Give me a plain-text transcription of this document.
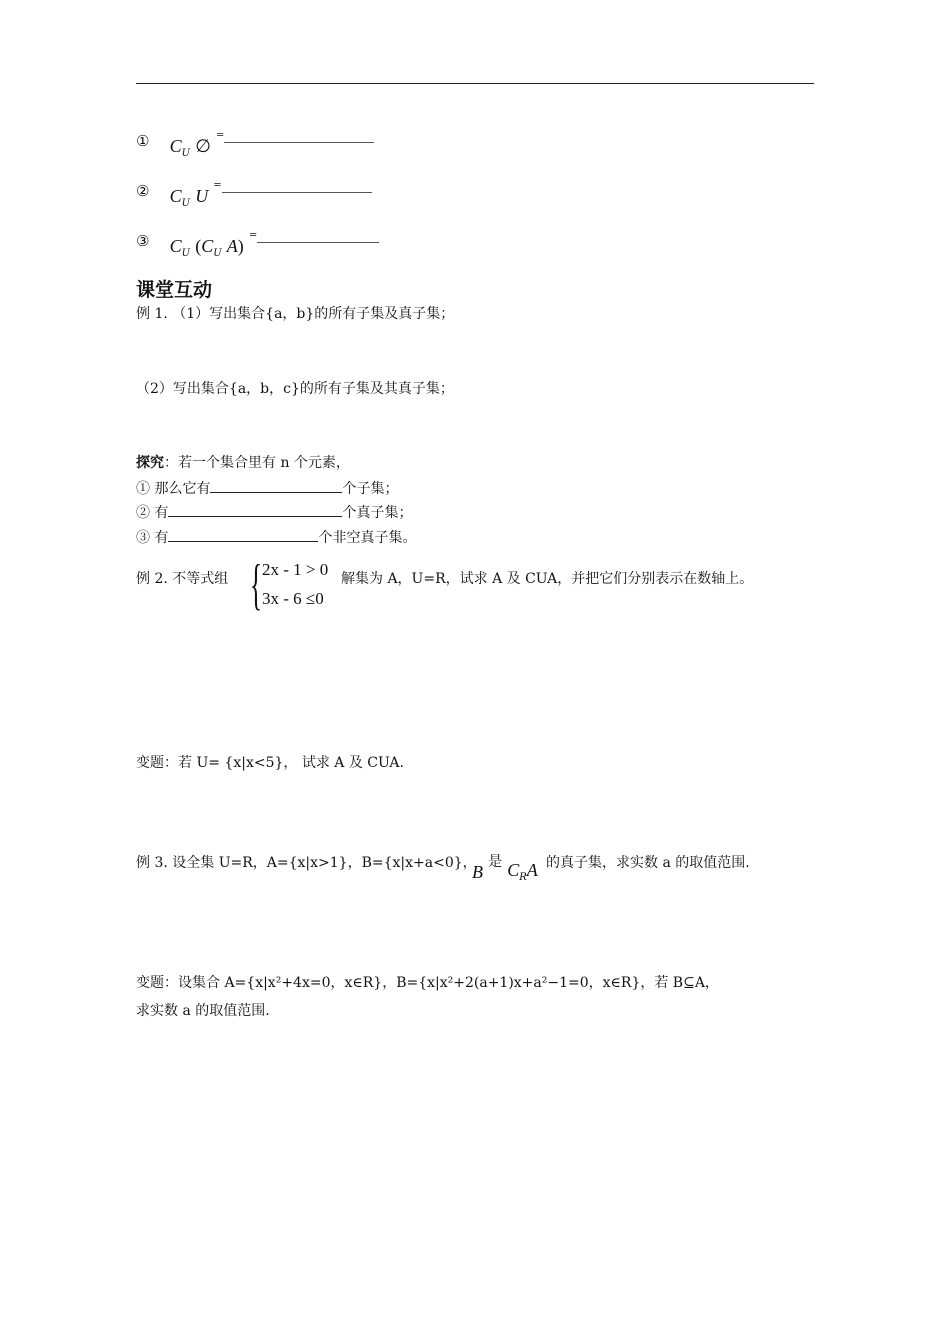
① $C_U$ ∅ =
② $C_U$ U =
③ $C_U$ ($C_U$ A) =
课堂互动
例 1. （1）写出集合{a，b}的所有子集及真子集；
（2）写出集合{a，b，c}的所有子集及其真子集；
探究：若一个集合里有 n 个元素，
① 那么它有	个子集；
② 有	个真子集；
③ 有	个非空真子集。
例 2. 不等式组 { 2x - 1 > 0
3x - 6 ≤0
解集为 A，U=R，试求 A 及 CUA，并把它们分别表示在数轴上。
变题：若 U= {x|x<5}， 试求 A 及 CUA.
例 3. 设全集 U=R，A={x|x>1}，B={x|x+a<0}，
B 是 $C_RA$ 的真子集，求实数 a 的取值范围.
变题：设集合 A={x|x²+4x=0，x∈R}，B={x|x²+2(a+1)x+a²−1=0，x∈R}，若 B⊆A，
求实数 a 的取值范围.
